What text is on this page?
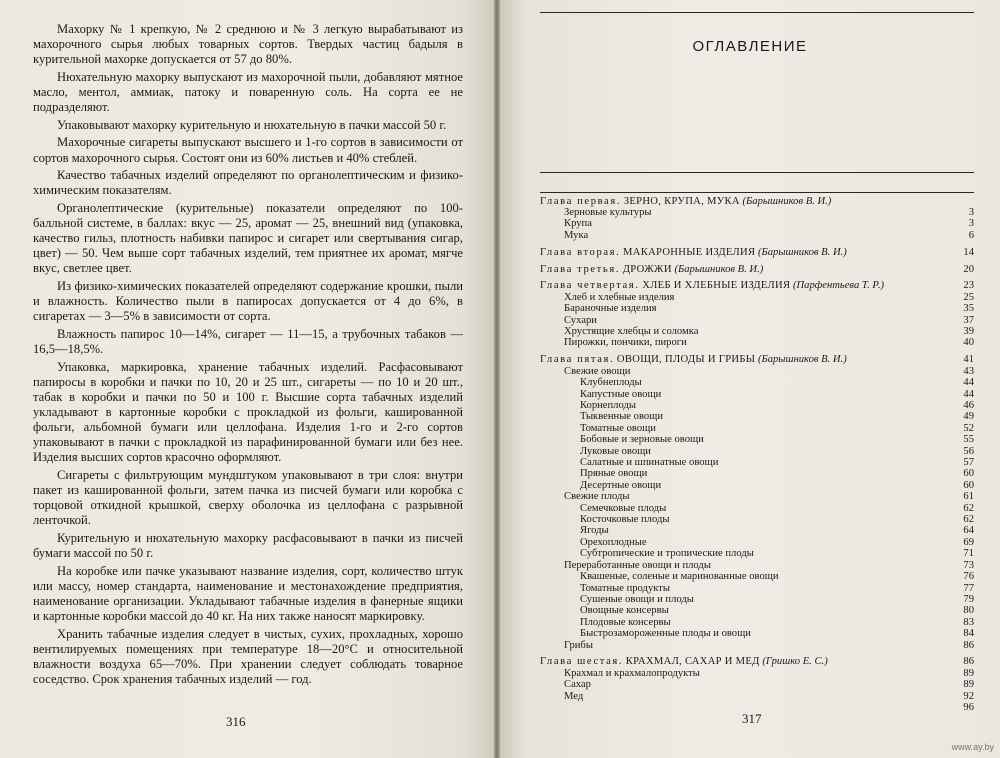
Махорку № 1 крепкую, № 2 среднюю и № 3 легкую вырабатывают из махорочного сырья любых товарных сортов. Твердых частиц бадыля в курительной махорке допускается от 57 до 80%.

Нюхательную махорку выпускают из махорочной пыли, добавляют мятное масло, ментол, аммиак, патоку и поваренную соль. На сорта ее не подразделяют.

Упаковывают махорку курительную и нюхательную в пачки массой 50 г.

Махорочные сигареты выпускают высшего и 1-го сортов в зависимости от сортов махорочного сырья. Состоят они из 60% листьев и 40% стеблей.

Качество табачных изделий определяют по органолептическим и физико-химическим показателям.

Органолептические (курительные) показатели определяют по 100-балльной системе, в баллах: вкус — 25, аромат — 25, внешний вид (упаковка, качество гильз, плотность набивки папирос и сигарет или свертывания сигар, цвет) — 50. Чем выше сорт табачных изделий, тем приятнее их аромат, мягче вкус, светлее цвет.

Из физико-химических показателей определяют содержание крошки, пыли и влажность. Количество пыли в папиросах допускается от 4 до 6%, в сигаретах — 3—5% в зависимости от сорта.

Влажность папирос 10—14%, сигарет — 11—15, а трубочных табаков — 16,5—18,5%.

Упаковка, маркировка, хранение табачных изделий. Расфасовывают папиросы в коробки и пачки по 10, 20 и 25 шт., сигареты — по 10 и 20 шт., табак в коробки и пачки по 50 и 100 г. Высшие сорта табачных изделий укладывают в картонные коробки с прокладкой из фольги, кашированной фольги, альбомной бумаги или целлофана. Изделия 1-го и 2-го сортов упаковывают в пачки с прокладкой из парафинированной бумаги или без нее. Изделия высших сортов красочно оформляют.

Сигареты с фильтрующим мундштуком упаковывают в три слоя: внутри пакет из кашированной фольги, затем пачка из писчей бумаги или коробка с торцовой откидной крышкой, сверху оболочка из целлофана с разрывной ленточкой.

Курительную и нюхательную махорку расфасовывают в пачки из писчей бумаги массой по 50 г.

На коробке или пачке указывают название изделия, сорт, количество штук или массу, номер стандарта, наименование и местонахождение предприятия, наименование организации. Укладывают табачные изделия в фанерные ящики и картонные коробки массой до 40 кг. На них также наносят маркировку.

Хранить табачные изделия следует в чистых, сухих, прохладных, хорошо вентилируемых помещениях при температуре 18—20°С и относительной влажности воздуха 65—70%. При хранении следует соблюдать товарное соседство. Срок хранения табачных изделий — год.

316
ОГЛАВЛЕНИЕ
Глава первая. ЗЕРНО, КРУПА, МУКА (Барышников В. И.)
Зерновые культуры	3
Крупа	3
Мука	6
Глава вторая. МАКАРОННЫЕ ИЗДЕЛИЯ (Барышников В. И.)	14
Глава третья. ДРОЖЖИ (Барышников В. И.)	20
Глава четвертая. ХЛЕБ И ХЛЕБНЫЕ ИЗДЕЛИЯ (Парфентьева Т. Р.)	23
Хлеб и хлебные изделия	25
Бараночные изделия	35
Сухари	37
Хрустящие хлебцы и соломка	39
Пирожки, пончики, пироги	40
Глава пятая. ОВОЩИ, ПЛОДЫ И ГРИБЫ (Барышников В. И.)	41
Свежие овощи	43
Клубнеплоды	44
Капустные овощи	44
Корнеплоды	46
Тыквенные овощи	49
Томатные овощи	52
Бобовые и зерновые овощи	55
Луковые овощи	56
Салатные и шпинатные овощи	57
Пряные овощи	60
Десертные овощи	60
Свежие плоды	61
Семечковые плоды	62
Косточковые плоды	62
Ягоды	64
Орехоплодные	69
Субтропические и тропические плоды	71
Переработанные овощи и плоды	73
Квашеные, соленые и маринованные овощи	76
Томатные продукты	77
Сушеные овощи и плоды	79
Овощные консервы	80
Плодовые консервы	83
Быстрозамороженные плоды и овощи	84
Грибы	86
Глава шестая. КРАХМАЛ, САХАР И МЕД (Гришко Е. С.)	86
Крахмал и крахмалопродукты	89
Сахар	89
Мед	92
96
317
www.ay.by
